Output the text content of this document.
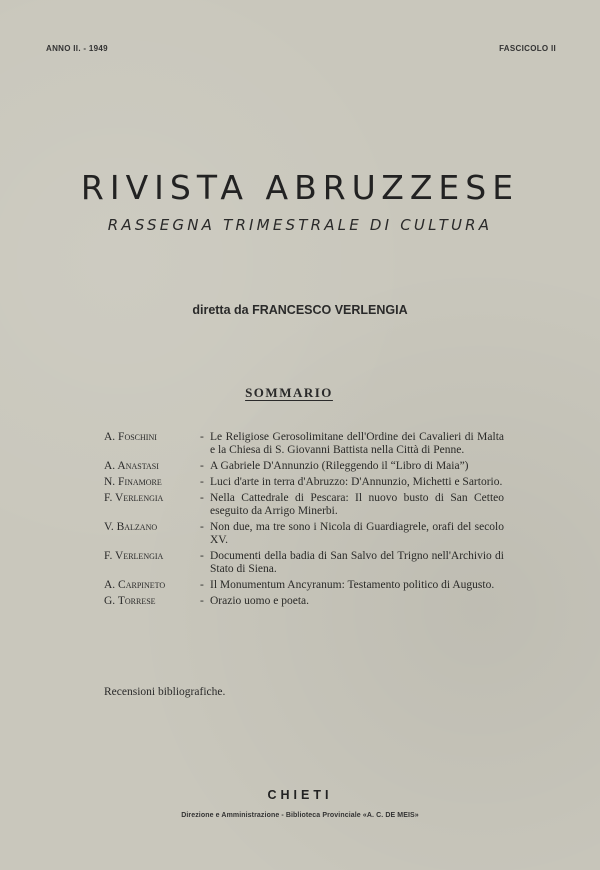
ANNO II. - 1949	FASCICOLO II
RIVISTA ABRUZZESE
RASSEGNA TRIMESTRALE DI CULTURA
diretta da FRANCESCO VERLENGIA
SOMMARIO
A. Foschini	- Le Religiose Gerosolimitane dell'Ordine dei Cavalieri di Malta e la Chiesa di S. Giovanni Battista nella Città di Penne.
A. Anastasi	- A Gabriele D'Annunzio (Rileggendo il “Libro di Maia”)
N. Finamore	- Luci d'arte in terra d'Abruzzo: D'Annunzio, Michetti e Sartorio.
F. Verlengia	- Nella Cattedrale di Pescara: Il nuovo busto di San Cetteo eseguito da Arrigo Minerbi.
V. Balzano	- Non due, ma tre sono i Nicola di Guardiagrele, orafi del secolo XV.
F. Verlengia	- Documenti della badia di San Salvo del Trigno nell'Archivio di Stato di Siena.
A. Carpineto	- Il Monumentum Ancyranum: Testamento politico di Augusto.
G. Torrese	- Orazio uomo e poeta.
Recensioni bibliografiche.
CHIETI
Direzione e Amministrazione - Biblioteca Provinciale «A. C. DE MEIS»
